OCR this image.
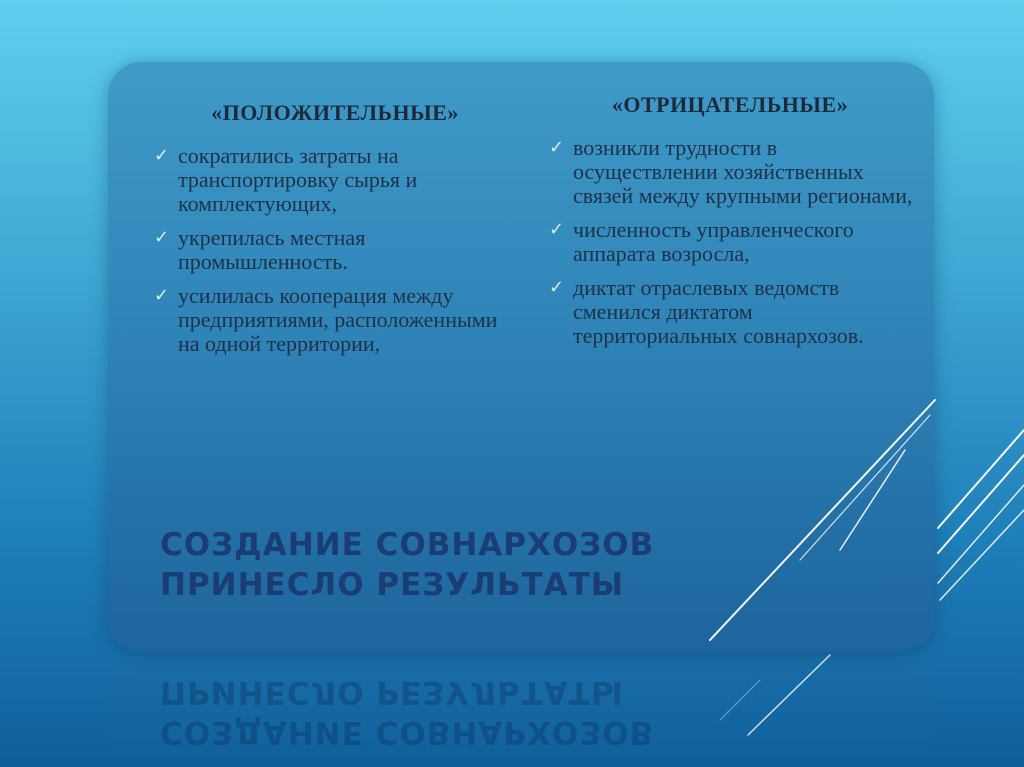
«ПОЛОЖИТЕЛЬНЫЕ»
✓ сократились затраты на транспортировку сырья и комплектующих,
✓ укрепилась местная промышленность.
✓ усилилась кооперация между предприятиями, расположенными на одной территории,
«ОТРИЦАТЕЛЬНЫЕ»
✓ возникли трудности в осуществлении хозяйственных связей между крупными регионами,
✓ численность управленческого аппарата возросла,
✓ диктат отраслевых ведомств сменился диктатом территориальных совнархозов.
СОЗДАНИЕ СОВНАРХОЗОВ
ПРИНЕСЛО РЕЗУЛЬТАТЫ
СОЗДАНИЕ СОВНАРХОЗОВ
ПРИНЕСЛО РЕЗУЛЬТАТЫ
